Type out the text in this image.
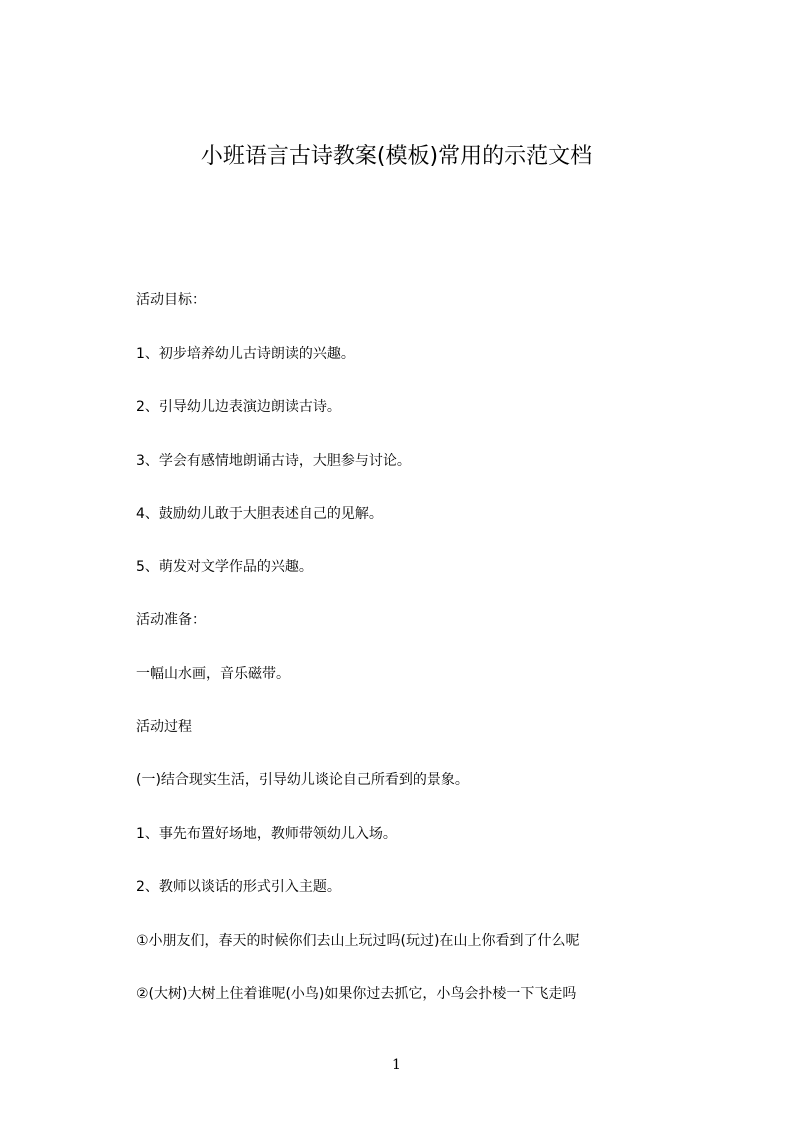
小班语言古诗教案(模板)常用的示范文档
活动目标：
1、初步培养幼儿古诗朗读的兴趣。
2、引导幼儿边表演边朗读古诗。
3、学会有感情地朗诵古诗，大胆参与讨论。
4、鼓励幼儿敢于大胆表述自己的见解。
5、萌发对文学作品的兴趣。
活动准备：
一幅山水画，音乐磁带。
活动过程
(一)结合现实生活，引导幼儿谈论自己所看到的景象。
1、事先布置好场地，教师带领幼儿入场。
2、教师以谈话的形式引入主题。
①小朋友们，春天的时候你们去山上玩过吗(玩过)在山上你看到了什么呢
②(大树)大树上住着谁呢(小鸟)如果你过去抓它，小鸟会扑棱一下飞走吗
1
